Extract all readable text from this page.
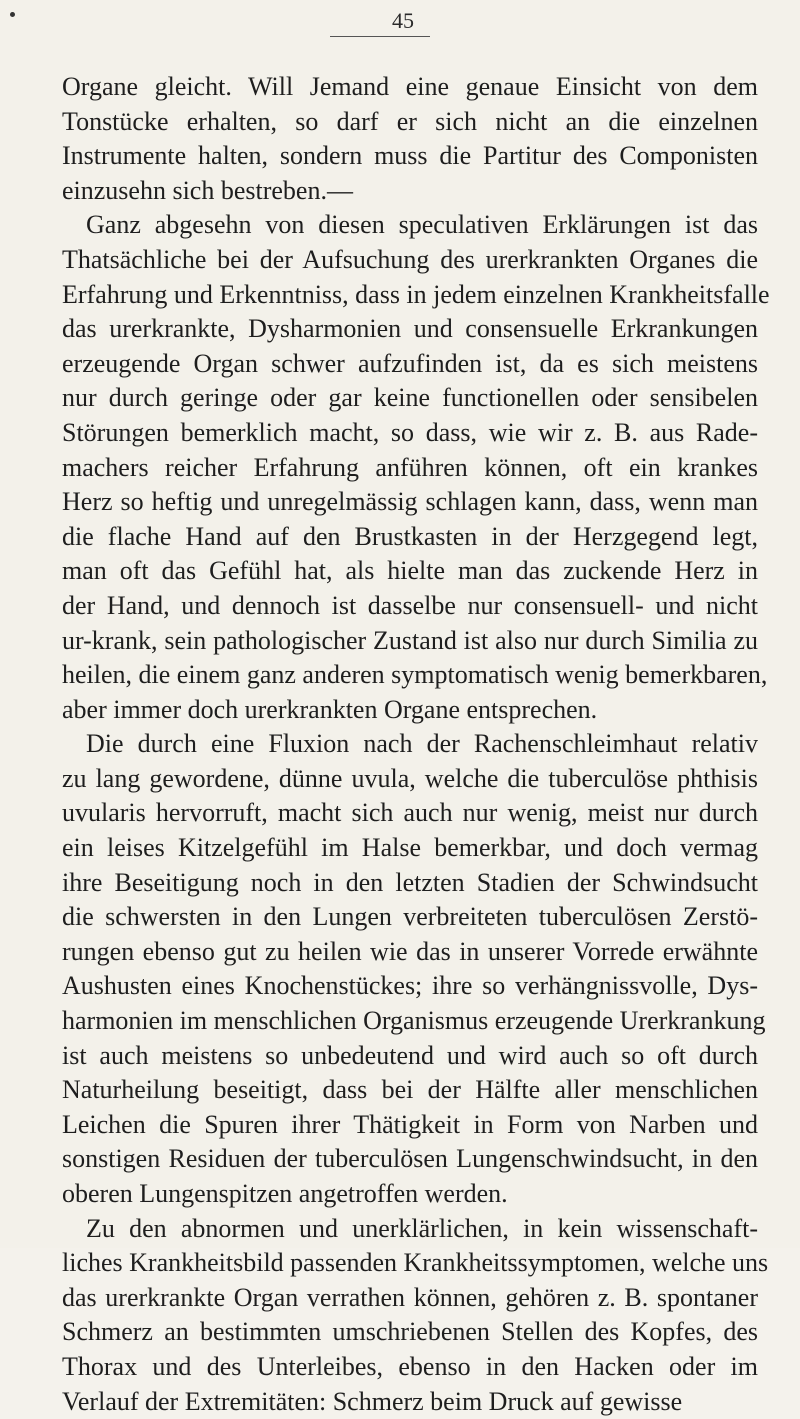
45
Organe gleicht. Will Jemand eine genaue Einsicht von dem
Tonstücke erhalten, so darf er sich nicht an die einzelnen
Instrumente halten, sondern muss die Partitur des Componisten
einzusehn sich bestreben.—
Ganz abgesehn von diesen speculativen Erklärungen ist das
Thatsächliche bei der Aufsuchung des urerkrankten Organes die
Erfahrung und Erkenntniss, dass in jedem einzelnen Krankheitsfalle
das urerkrankte, Dysharmonien und consensuelle Erkrankungen
erzeugende Organ schwer aufzufinden ist, da es sich meistens
nur durch geringe oder gar keine functionellen oder sensibelen
Störungen bemerklich macht, so dass, wie wir z. B. aus Rade-
machers reicher Erfahrung anführen können, oft ein krankes
Herz so heftig und unregelmässig schlagen kann, dass, wenn man
die flache Hand auf den Brustkasten in der Herzgegend legt,
man oft das Gefühl hat, als hielte man das zuckende Herz in
der Hand, und dennoch ist dasselbe nur consensuell- und nicht
ur-krank, sein pathologischer Zustand ist also nur durch Similia zu
heilen, die einem ganz anderen symptomatisch wenig bemerkbaren,
aber immer doch urerkrankten Organe entsprechen.
Die durch eine Fluxion nach der Rachenschleimhaut relativ
zu lang gewordene, dünne uvula, welche die tuberculöse phthisis
uvularis hervorruft, macht sich auch nur wenig, meist nur durch
ein leises Kitzelgefühl im Halse bemerkbar, und doch vermag
ihre Beseitigung noch in den letzten Stadien der Schwindsucht
die schwersten in den Lungen verbreiteten tuberculösen Zerstö-
rungen ebenso gut zu heilen wie das in unserer Vorrede erwähnte
Aushusten eines Knochenstückes; ihre so verhängnissvolle, Dys-
harmonien im menschlichen Organismus erzeugende Urerkrankung
ist auch meistens so unbedeutend und wird auch so oft durch
Naturheilung beseitigt, dass bei der Hälfte aller menschlichen
Leichen die Spuren ihrer Thätigkeit in Form von Narben und
sonstigen Residuen der tuberculösen Lungenschwindsucht, in den
oberen Lungenspitzen angetroffen werden.
Zu den abnormen und unerklärlichen, in kein wissenschaft-
liches Krankheitsbild passenden Krankheitssymptomen, welche uns
das urerkrankte Organ verrathen können, gehören z. B. spontaner
Schmerz an bestimmten umschriebenen Stellen des Kopfes, des
Thorax und des Unterleibes, ebenso in den Hacken oder im
Verlauf der Extremitäten: Schmerz beim Druck auf gewisse
